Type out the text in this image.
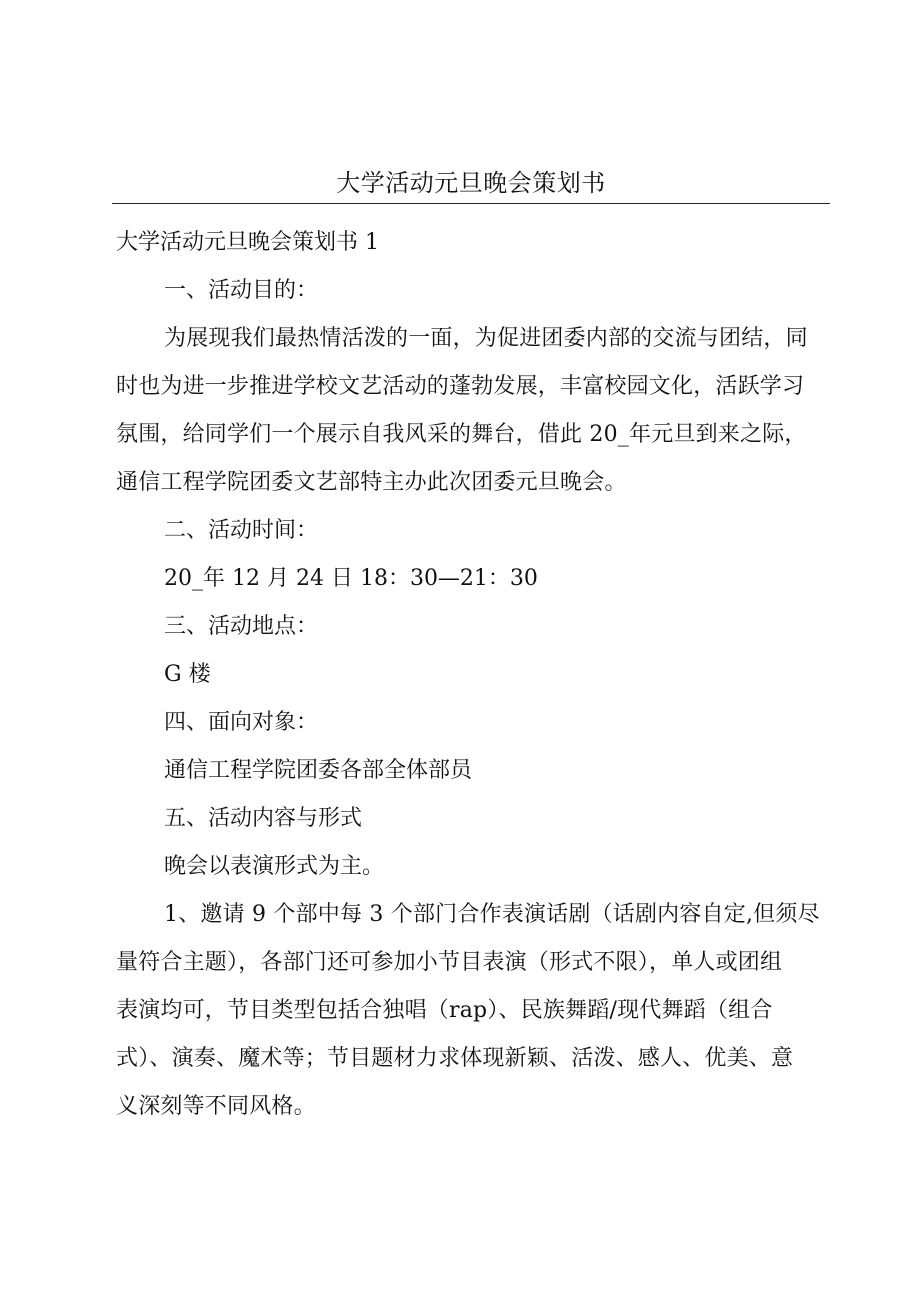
大学活动元旦晚会策划书
大学活动元旦晚会策划书 1
一、活动目的：
为展现我们最热情活泼的一面，为促进团委内部的交流与团结，同
时也为进一步推进学校文艺活动的蓬勃发展，丰富校园文化，活跃学习
氛围，给同学们一个展示自我风采的舞台，借此 20_年元旦到来之际，
通信工程学院团委文艺部特主办此次团委元旦晚会。
二、活动时间：
20_年 12 月 24 日 18：30—21：30
三、活动地点：
G 楼
四、面向对象：
通信工程学院团委各部全体部员
五、活动内容与形式
晚会以表演形式为主。
1、邀请 9 个部中每 3 个部门合作表演话剧（话剧内容自定,但须尽
量符合主题），各部门还可参加小节目表演（形式不限），单人或团组
表演均可，节目类型包括合独唱（rap）、民族舞蹈/现代舞蹈（组合
式）、演奏、魔术等；节目题材力求体现新颖、活泼、感人、优美、意
义深刻等不同风格。
